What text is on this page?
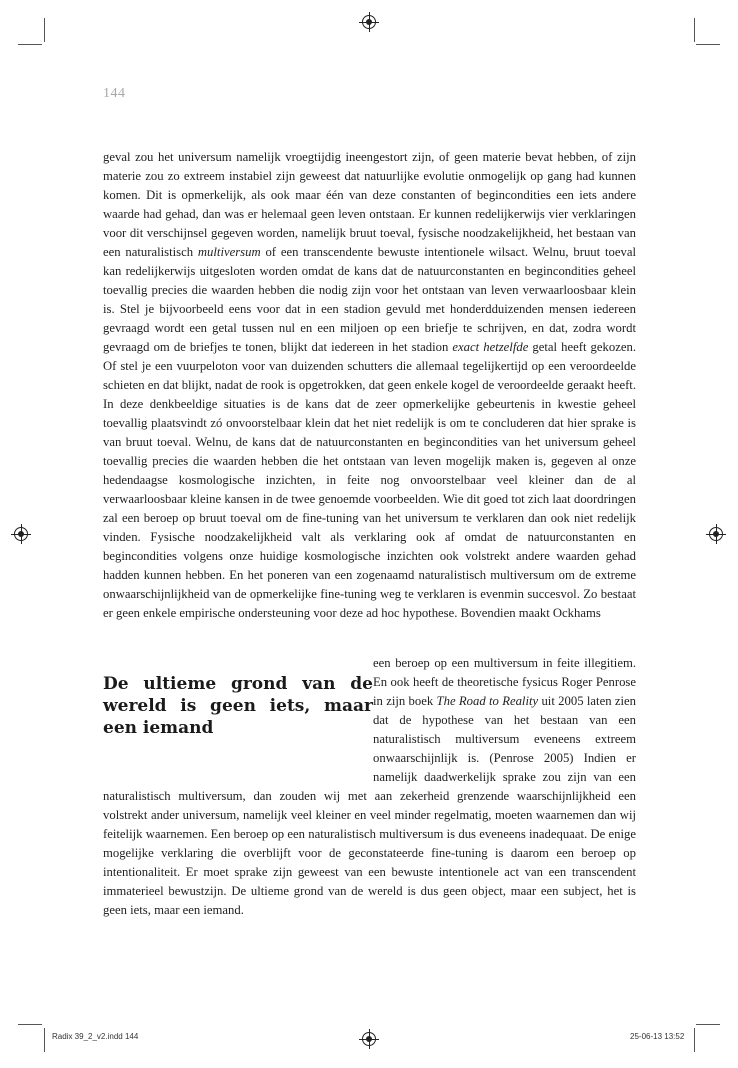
144

geval zou het universum namelijk vroegtijdig ineengestort zijn, of geen materie bevat hebben, of zijn materie zou zo extreem instabiel zijn geweest dat natuurlijke evolutie onmogelijk op gang had kunnen komen. Dit is opmerkelijk, als ook maar één van deze constanten of begincondities een iets andere waarde had gehad, dan was er helemaal geen leven ontstaan. Er kunnen redelijkerwijs vier verklaringen voor dit verschijnsel gegeven worden, namelijk bruut toeval, fysische noodzakelijkheid, het bestaan van een naturalistisch multiversum of een transcendente bewuste intentionele wilsact. Welnu, bruut toeval kan redelijkerwijs uitgesloten worden omdat de kans dat de natuurconstanten en begincondities geheel toevallig precies die waarden hebben die nodig zijn voor het ontstaan van leven verwaarloosbaar klein is. Stel je bijvoorbeeld eens voor dat in een stadion gevuld met honderdduizenden mensen iedereen gevraagd wordt een getal tussen nul en een miljoen op een briefje te schrijven, en dat, zodra wordt gevraagd om de briefjes te tonen, blijkt dat iedereen in het stadion exact hetzelfde getal heeft gekozen. Of stel je een vuurpeloton voor van duizenden schutters die allemaal tegelijkertijd op een veroordeelde schieten en dat blijkt, nadat de rook is opgetrokken, dat geen enkele kogel de veroordeelde geraakt heeft. In deze denkbeeldige situaties is de kans dat de zeer opmerkelijke gebeurtenis in kwestie geheel toevallig plaatsvindt zó onvoorstelbaar klein dat het niet redelijk is om te concluderen dat hier sprake is van bruut toeval. Welnu, de kans dat de natuurconstanten en begincondities van het universum geheel toevallig precies die waarden hebben die het ontstaan van leven mogelijk maken is, gegeven al onze hedendaagse kosmologische inzichten, in feite nog onvoorstelbaar veel kleiner dan de al verwaarloosbaar kleine kansen in de twee genoemde voorbeelden. Wie dit goed tot zich laat doordringen zal een beroep op bruut toeval om de fine-tuning van het universum te verklaren dan ook niet redelijk vinden. Fysische noodzakelijkheid valt als verklaring ook af omdat de natuurconstanten en begincondities volgens onze huidige kosmologische inzichten ook volstrekt andere waarden gehad hadden kunnen hebben. En het poneren van een zogenaamd naturalistisch multiversum om de extreme onwaarschijnlijkheid van de opmerkelijke fine-tuning weg te verklaren is evenmin succesvol. Zo bestaat er geen enkele empirische ondersteuning voor deze ad hoc hypothese. Bovendien maakt Ockhams

De ultieme grond van de wereld is geen iets, maar een iemand

een beroep op een multiversum in feite illegitiem. En ook heeft de theoretische fysicus Roger Penrose in zijn boek The Road to Reality uit 2005 laten zien dat de hypothese van het bestaan van een naturalistisch multiversum eveneens extreem onwaarschijnlijk is. (Penrose 2005) Indien er namelijk daadwerkelijk sprake zou zijn van een naturalistisch multiversum, dan zouden wij met aan zekerheid grenzende waarschijnlijkheid een volstrekt ander universum, namelijk veel kleiner en veel minder regelmatig, moeten waarnemen dan wij feitelijk waarnemen. Een beroep op een naturalistisch multiversum is dus eveneens inadequaat. De enige mogelijke verklaring die overblijft voor de geconstateerde fine-tuning is daarom een beroep op intentionaliteit. Er moet sprake zijn geweest van een bewuste intentionele act van een transcendent immaterieel bewustzijn. De ultieme grond van de wereld is dus geen object, maar een subject, het is geen iets, maar een iemand.

Radix 39_2_v2.indd 144	25-06-13 13:52
